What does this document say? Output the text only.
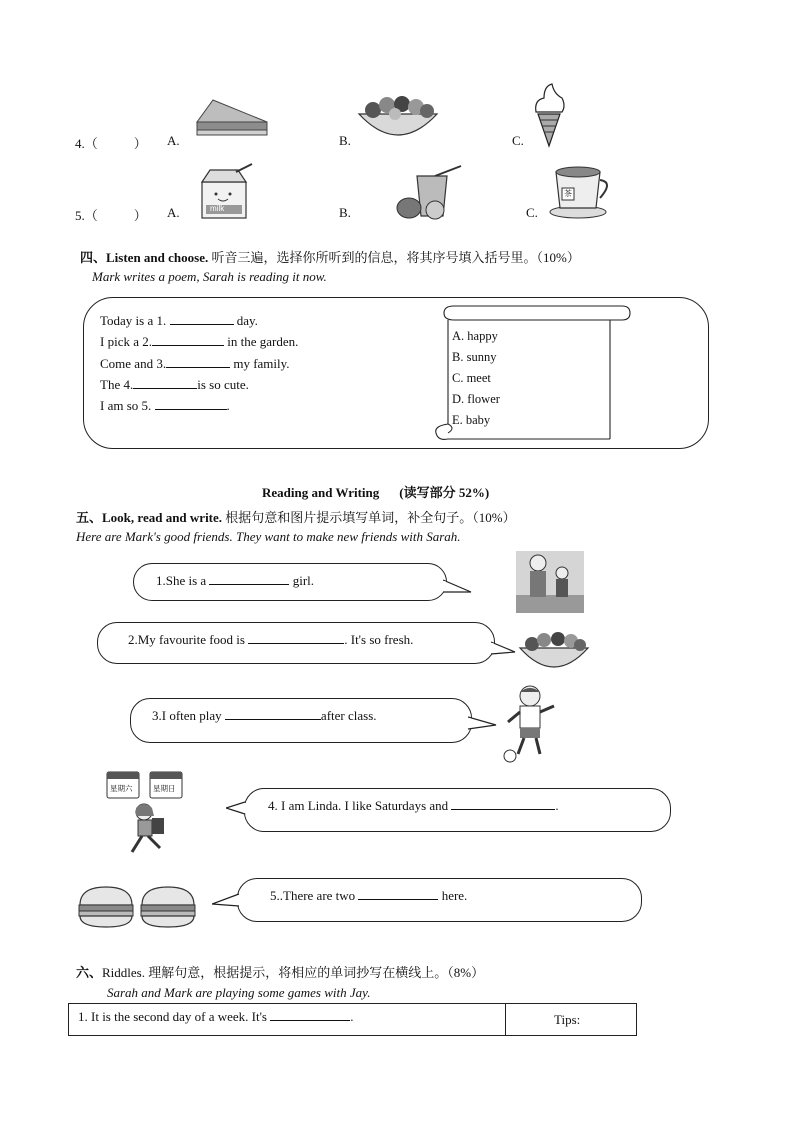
4.（	） A.	B.	C.
5.（	） A.	B.	C.
milk
茶
四、Listen and choose. 听音三遍，选择你所听到的信息，将其序号填入括号里。（10%）
Mark writes a poem, Sarah is reading it now.
Today is a 1.	day.
I pick a 2.	in the garden.
Come and 3.	my family.
The 4.	is so cute.
I am so 5.	.
A. happy
B. sunny
C. meet
D. flower
E. baby
Reading and Writing (读写部分 52%)
五、Look, read and write. 根据句意和图片提示填写单词，补全句子。（10%）
Here are Mark's good friends. They want to make new friends with Sarah.
1.She is a	girl.
2.My favourite food is	. It's so fresh.
3.I often play	after class.
星期六	星期日
4. I am Linda. I like Saturdays and	.
5..There are two	here.
六、Riddles. 理解句意，根据提示，将相应的单词抄写在横线上。（8%）
Sarah and Mark are playing some games with Jay.
1. It is the second day of a week. It's	.	Tips:
